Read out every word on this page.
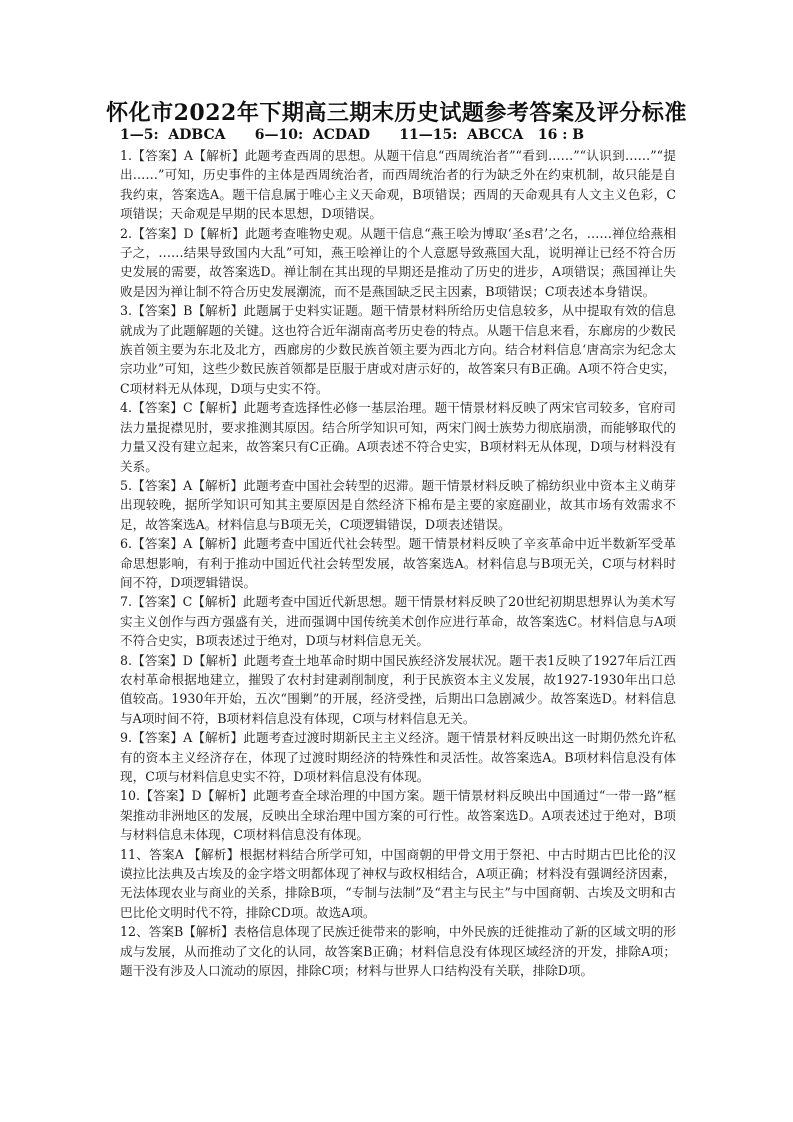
怀化市2022年下期高三期末历史试题参考答案及评分标准
1—5:  ADBCA      6—10:  ACDAD      11—15:  ABCCA   16 : B

1.【答案】A【解析】此题考查西周的思想。从题干信息“西周统治者”“看到……”“认识到……”“提出……”可知，历史事件的主体是西周统治者，而西周统治者的行为缺乏外在约束机制，故只能是自我约束，答案选A。题干信息属于唯心主义天命观，B项错误；西周的天命观具有人文主义色彩，C项错误；天命观是早期的民本思想，D项错误。

2.【答案】D【解析】此题考查唯物史观。从题干信息“燕王哙为博取‘圣s君’之名，……禅位给燕相子之，……结果导致国内大乱”可知，燕王哙禅让的个人意愿导致燕国大乱，说明禅让已经不符合历史发展的需要，故答案选D。禅让制在其出现的早期还是推动了历史的进步，A项错误；燕国禅让失败是因为禅让制不符合历史发展潮流，而不是燕国缺乏民主因素，B项错误；C项表述本身错误。

3.【答案】B【解析】此题属于史料实证题。题干情景材料所给历史信息较多，从中提取有效的信息就成为了此题解题的关键。这也符合近年湖南高考历史卷的特点。从题干信息来看，东廊房的少数民族首领主要为东北及北方，西廊房的少数民族首领主要为西北方向。结合材料信息‘唐高宗为纪念太宗功业”可知，这些少数民族首领都是臣服于唐或对唐示好的，故答案只有B正确。A项不符合史实，C项材料无从体现，D项与史实不符。

4.【答案】C【解析】此题考查选择性必修一基层治理。题干情景材料反映了两宋官司较多，官府司法力量捉襟见肘，要求推测其原因。结合所学知识可知，两宋门阀士族势力彻底崩溃，而能够取代的力量又没有建立起来，故答案只有C正确。A项表述不符合史实，B项材料无从体现，D项与材料没有关系。

5.【答案】A【解析】此题考查中国社会转型的迟滞。题干情景材料反映了棉纺织业中资本主义萌芽出现较晚，据所学知识可知其主要原因是自然经济下棉布是主要的家庭副业，故其市场有效需求不足，故答案选A。材料信息与B项无关，C项逻辑错误，D项表述错误。

6.【答案】A【解析】此题考查中国近代社会转型。题干情景材料反映了辛亥革命中近半数新军受革命思想影响，有利于推动中国近代社会转型发展，故答案选A。材料信息与B项无关，C项与材料时间不符，D项逻辑错误。

7.【答案】C【解析】此题考查中国近代新思想。题干情景材料反映了20世纪初期思想界认为美术写实主义创作与西方强盛有关，进而强调中国传统美术创作应进行革命，故答案选C。材料信息与A项不符合史实，B项表述过于绝对，D项与材料信息无关。

8.【答案】D【解析】此题考查土地革命时期中国民族经济发展状况。题干表1反映了1927年后江西农村革命根据地建立，摧毁了农村封建剥削制度，利于民族资本主义发展，故1927-1930年出口总值较高。1930年开始，五次“围剿”的开展，经济受挫，后期出口急剧减少。故答案选D。材料信息与A项时间不符，B项材料信息没有体现，C项与材料信息无关。

9.【答案】A【解析】此题考查过渡时期新民主主义经济。题干情景材料反映出这一时期仍然允许私有的资本主义经济存在，体现了过渡时期经济的特殊性和灵活性。故答案选A。B项材料信息没有体现，C项与材料信息史实不符，D项材料信息没有体现。

10.【答案】D【解析】此题考查全球治理的中国方案。题干情景材料反映出中国通过“一带一路”框架推动非洲地区的发展，反映出全球治理中国方案的可行性。故答案选D。A项表述过于绝对，B项与材料信息未体现，C项材料信息没有体现。

11、答案A 【解析】根据材料结合所学可知，中国商朝的甲骨文用于祭祀、中古时期古巴比伦的汉谟拉比法典及古埃及的金字塔文明都体现了神权与政权相结合，A项正确；材料没有强调经济因素，无法体现农业与商业的关系，排除B项，“专制与法制”及“君主与民主”与中国商朝、古埃及文明和古巴比伦文明时代不符，排除CD项。故选A项。

12、答案B【解析】表格信息体现了民族迁徙带来的影响，中外民族的迁徙推动了新的区域文明的形成与发展，从而推动了文化的认同，故答案B正确；材料信息没有体现区域经济的开发，排除A项；题干没有涉及人口流动的原因，排除C项；材料与世界人口结构没有关联，排除D项。
